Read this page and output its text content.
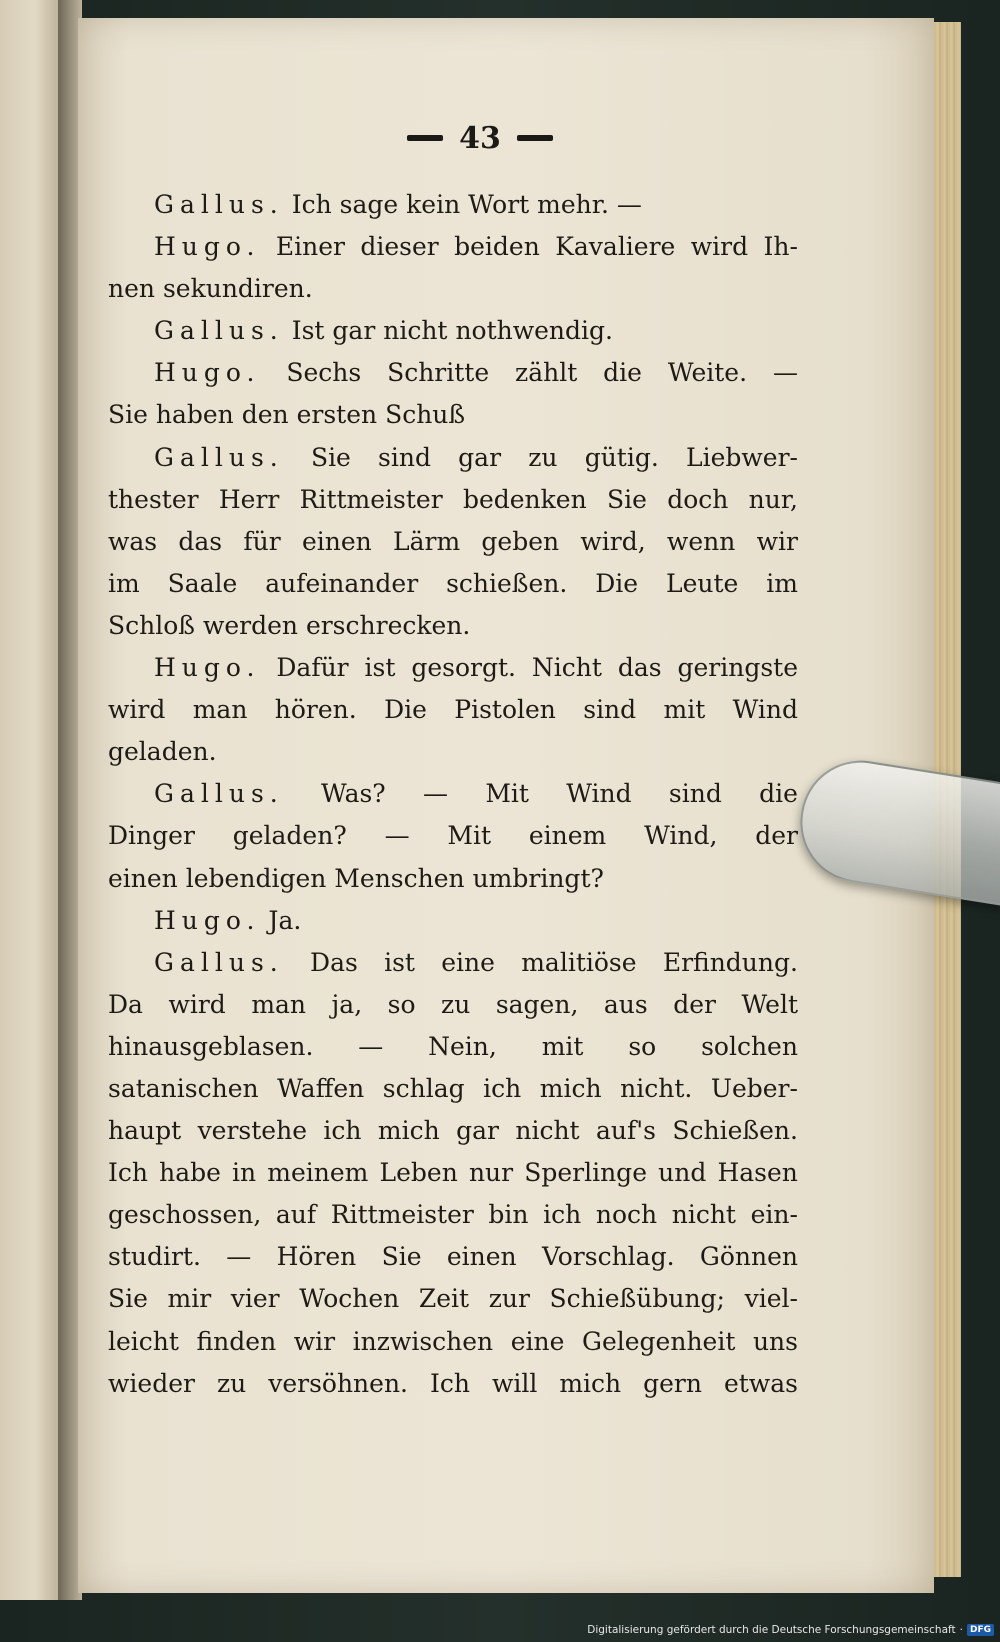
43
Gallus. Ich sage kein Wort mehr. —
Hugo. Einer dieser beiden Kavaliere wird Ih-
nen sekundiren.
Gallus. Ist gar nicht nothwendig.
Hugo. Sechs Schritte zählt die Weite. —
Sie haben den ersten Schuß
Gallus. Sie sind gar zu gütig. Liebwer-
thester Herr Rittmeister bedenken Sie doch nur,
was das für einen Lärm geben wird, wenn wir
im Saale aufeinander schießen. Die Leute im
Schloß werden erschrecken.
Hugo. Dafür ist gesorgt. Nicht das geringste
wird man hören. Die Pistolen sind mit Wind
geladen.
Gallus. Was? — Mit Wind sind die
Dinger geladen? — Mit einem Wind, der
einen lebendigen Menschen umbringt?
Hugo. Ja.
Gallus. Das ist eine malitiöse Erfindung.
Da wird man ja, so zu sagen, aus der Welt
hinausgeblasen. — Nein, mit so solchen
satanischen Waffen schlag ich mich nicht. Ueber-
haupt verstehe ich mich gar nicht auf's Schießen.
Ich habe in meinem Leben nur Sperlinge und Hasen
geschossen, auf Rittmeister bin ich noch nicht ein-
studirt. — Hören Sie einen Vorschlag. Gönnen
Sie mir vier Wochen Zeit zur Schießübung; viel-
leicht finden wir inzwischen eine Gelegenheit uns
wieder zu versöhnen. Ich will mich gern etwas
Digitalisierung gefördert durch die Deutsche Forschungsgemeinschaft · DFG
